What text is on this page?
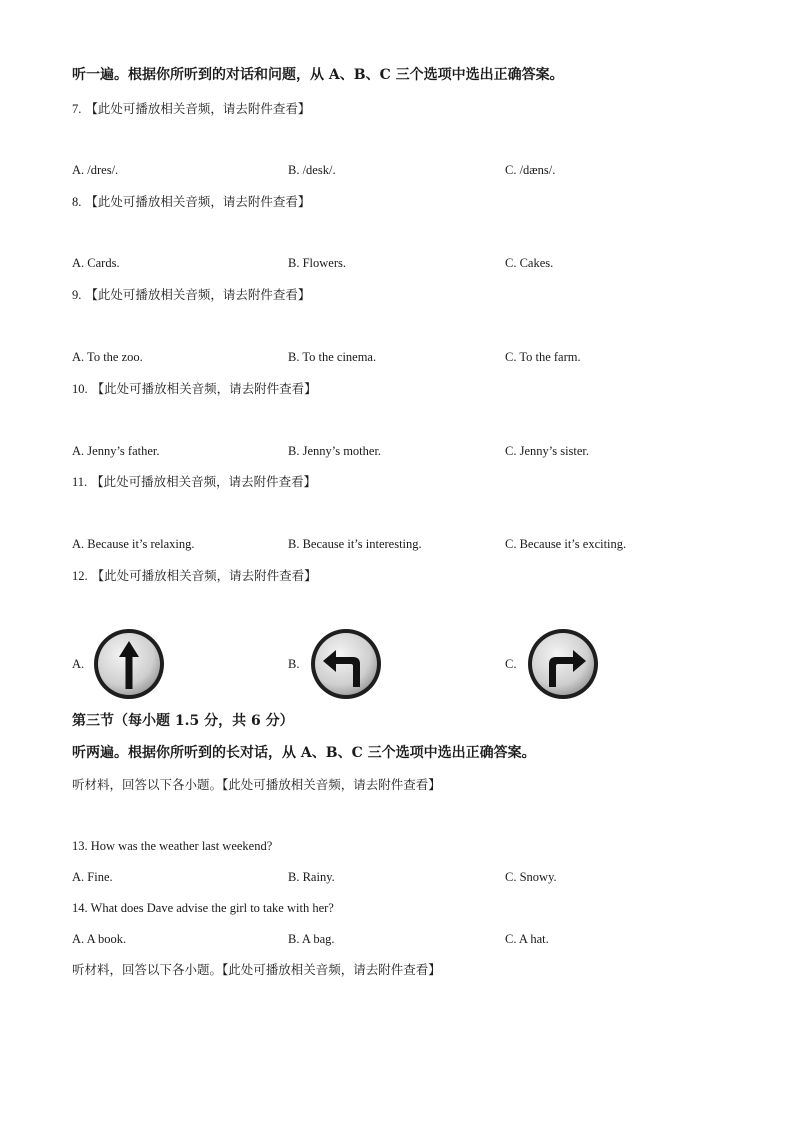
听一遍。根据你所听到的对话和问题，从 A、B、C 三个选项中选出正确答案。
7. 【此处可播放相关音频，请去附件查看】
A. /dres/.	B. /desk/.	C. /dæns/.
8. 【此处可播放相关音频，请去附件查看】
A. Cards.	B. Flowers.	C. Cakes.
9. 【此处可播放相关音频，请去附件查看】
A. To the zoo.	B. To the cinema.	C. To the farm.
10. 【此处可播放相关音频，请去附件查看】
A. Jenny’s father.	B. Jenny’s mother.	C. Jenny’s sister.
11. 【此处可播放相关音频，请去附件查看】
A. Because it’s relaxing.	B. Because it’s interesting.	C. Because it’s exciting.
12. 【此处可播放相关音频，请去附件查看】
A.	B.	C.
第三节（每小题 1.5 分，共 6 分）
听两遍。根据你所听到的长对话，从 A、B、C 三个选项中选出正确答案。
听材料，回答以下各小题。【此处可播放相关音频，请去附件查看】
13. How was the weather last weekend?
A. Fine.	B. Rainy.	C. Snowy.
14. What does Dave advise the girl to take with her?
A. A book.	B. A bag.	C. A hat.
听材料，回答以下各小题。【此处可播放相关音频，请去附件查看】
